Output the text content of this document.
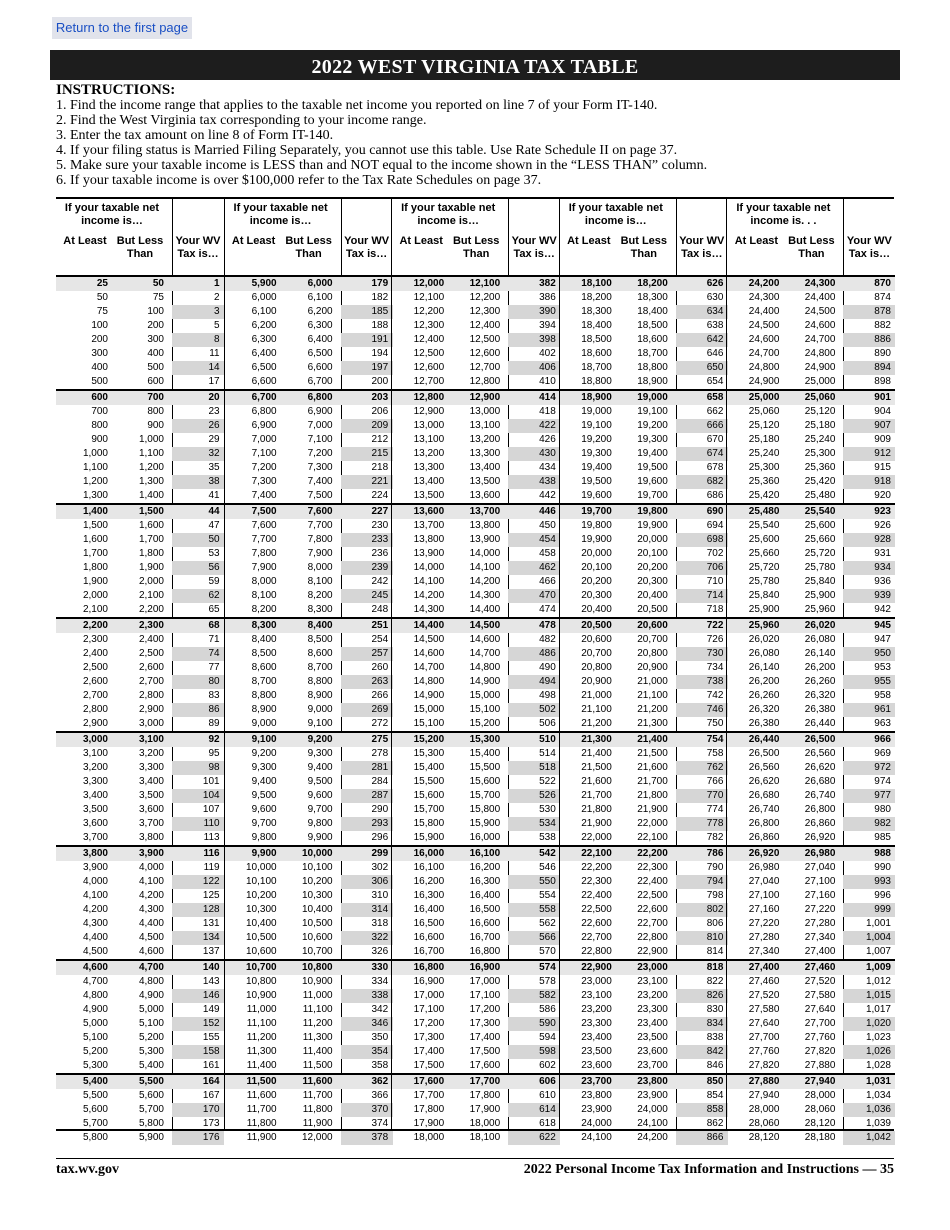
Return to the first page
2022 WEST VIRGINIA TAX TABLE
INSTRUCTIONS:
1. Find the income range that applies to the taxable net income you reported on line 7 of your Form IT-140.
2. Find the West Virginia tax corresponding to your income range.
3. Enter the tax amount on line 8 of Form IT-140.
4. If your filing status is Married Filing Separately, you cannot use this table. Use Rate Schedule II on page 37.
5. Make sure your taxable income is LESS than and NOT equal to the income shown in the “LESS THAN” column.
6. If your taxable income is over $100,000 refer to the Tax Rate Schedules on page 37.
If your taxable net income is…
At Least But Less Than
Your WV Tax is…
25	50	1
50	75	2
75	100	3
100	200	5
200	300	8
300	400	11
400	500	14
500	600	17
600	700	20
700	800	23
800	900	26
900	1,000	29
1,000	1,100	32
1,100	1,200	35
1,200	1,300	38
1,300	1,400	41
1,400	1,500	44
1,500	1,600	47
1,600	1,700	50
1,700	1,800	53
1,800	1,900	56
1,900	2,000	59
2,000	2,100	62
2,100	2,200	65
2,200	2,300	68
2,300	2,400	71
2,400	2,500	74
2,500	2,600	77
2,600	2,700	80
2,700	2,800	83
2,800	2,900	86
2,900	3,000	89
3,000	3,100	92
3,100	3,200	95
3,200	3,300	98
3,300	3,400	101
3,400	3,500	104
3,500	3,600	107
3,600	3,700	110
3,700	3,800	113
3,800	3,900	116
3,900	4,000	119
4,000	4,100	122
4,100	4,200	125
4,200	4,300	128
4,300	4,400	131
4,400	4,500	134
4,500	4,600	137
4,600	4,700	140
4,700	4,800	143
4,800	4,900	146
4,900	5,000	149
5,000	5,100	152
5,100	5,200	155
5,200	5,300	158
5,300	5,400	161
5,400	5,500	164
5,500	5,600	167
5,600	5,700	170
5,700	5,800	173
5,800	5,900	176
If your taxable net income is…
At Least But Less Than
Your WV Tax is…
5,900	6,000	179
6,000	6,100	182
6,100	6,200	185
6,200	6,300	188
6,300	6,400	191
6,400	6,500	194
6,500	6,600	197
6,600	6,700	200
6,700	6,800	203
6,800	6,900	206
6,900	7,000	209
7,000	7,100	212
7,100	7,200	215
7,200	7,300	218
7,300	7,400	221
7,400	7,500	224
7,500	7,600	227
7,600	7,700	230
7,700	7,800	233
7,800	7,900	236
7,900	8,000	239
8,000	8,100	242
8,100	8,200	245
8,200	8,300	248
8,300	8,400	251
8,400	8,500	254
8,500	8,600	257
8,600	8,700	260
8,700	8,800	263
8,800	8,900	266
8,900	9,000	269
9,000	9,100	272
9,100	9,200	275
9,200	9,300	278
9,300	9,400	281
9,400	9,500	284
9,500	9,600	287
9,600	9,700	290
9,700	9,800	293
9,800	9,900	296
9,900	10,000	299
10,000	10,100	302
10,100	10,200	306
10,200	10,300	310
10,300	10,400	314
10,400	10,500	318
10,500	10,600	322
10,600	10,700	326
10,700	10,800	330
10,800	10,900	334
10,900	11,000	338
11,000	11,100	342
11,100	11,200	346
11,200	11,300	350
11,300	11,400	354
11,400	11,500	358
11,500	11,600	362
11,600	11,700	366
11,700	11,800	370
11,800	11,900	374
11,900	12,000	378
If your taxable net income is…
At Least But Less Than
Your WV Tax is…
12,000	12,100	382
12,100	12,200	386
12,200	12,300	390
12,300	12,400	394
12,400	12,500	398
12,500	12,600	402
12,600	12,700	406
12,700	12,800	410
12,800	12,900	414
12,900	13,000	418
13,000	13,100	422
13,100	13,200	426
13,200	13,300	430
13,300	13,400	434
13,400	13,500	438
13,500	13,600	442
13,600	13,700	446
13,700	13,800	450
13,800	13,900	454
13,900	14,000	458
14,000	14,100	462
14,100	14,200	466
14,200	14,300	470
14,300	14,400	474
14,400	14,500	478
14,500	14,600	482
14,600	14,700	486
14,700	14,800	490
14,800	14,900	494
14,900	15,000	498
15,000	15,100	502
15,100	15,200	506
15,200	15,300	510
15,300	15,400	514
15,400	15,500	518
15,500	15,600	522
15,600	15,700	526
15,700	15,800	530
15,800	15,900	534
15,900	16,000	538
16,000	16,100	542
16,100	16,200	546
16,200	16,300	550
16,300	16,400	554
16,400	16,500	558
16,500	16,600	562
16,600	16,700	566
16,700	16,800	570
16,800	16,900	574
16,900	17,000	578
17,000	17,100	582
17,100	17,200	586
17,200	17,300	590
17,300	17,400	594
17,400	17,500	598
17,500	17,600	602
17,600	17,700	606
17,700	17,800	610
17,800	17,900	614
17,900	18,000	618
18,000	18,100	622
If your taxable net income is…
At Least But Less Than
Your WV Tax is…
18,100	18,200	626
18,200	18,300	630
18,300	18,400	634
18,400	18,500	638
18,500	18,600	642
18,600	18,700	646
18,700	18,800	650
18,800	18,900	654
18,900	19,000	658
19,000	19,100	662
19,100	19,200	666
19,200	19,300	670
19,300	19,400	674
19,400	19,500	678
19,500	19,600	682
19,600	19,700	686
19,700	19,800	690
19,800	19,900	694
19,900	20,000	698
20,000	20,100	702
20,100	20,200	706
20,200	20,300	710
20,300	20,400	714
20,400	20,500	718
20,500	20,600	722
20,600	20,700	726
20,700	20,800	730
20,800	20,900	734
20,900	21,000	738
21,000	21,100	742
21,100	21,200	746
21,200	21,300	750
21,300	21,400	754
21,400	21,500	758
21,500	21,600	762
21,600	21,700	766
21,700	21,800	770
21,800	21,900	774
21,900	22,000	778
22,000	22,100	782
22,100	22,200	786
22,200	22,300	790
22,300	22,400	794
22,400	22,500	798
22,500	22,600	802
22,600	22,700	806
22,700	22,800	810
22,800	22,900	814
22,900	23,000	818
23,000	23,100	822
23,100	23,200	826
23,200	23,300	830
23,300	23,400	834
23,400	23,500	838
23,500	23,600	842
23,600	23,700	846
23,700	23,800	850
23,800	23,900	854
23,900	24,000	858
24,000	24,100	862
24,100	24,200	866
If your taxable net income is. . .
At Least But Less Than
Your WV Tax is…
24,200	24,300	870
24,300	24,400	874
24,400	24,500	878
24,500	24,600	882
24,600	24,700	886
24,700	24,800	890
24,800	24,900	894
24,900	25,000	898
25,000	25,060	901
25,060	25,120	904
25,120	25,180	907
25,180	25,240	909
25,240	25,300	912
25,300	25,360	915
25,360	25,420	918
25,420	25,480	920
25,480	25,540	923
25,540	25,600	926
25,600	25,660	928
25,660	25,720	931
25,720	25,780	934
25,780	25,840	936
25,840	25,900	939
25,900	25,960	942
25,960	26,020	945
26,020	26,080	947
26,080	26,140	950
26,140	26,200	953
26,200	26,260	955
26,260	26,320	958
26,320	26,380	961
26,380	26,440	963
26,440	26,500	966
26,500	26,560	969
26,560	26,620	972
26,620	26,680	974
26,680	26,740	977
26,740	26,800	980
26,800	26,860	982
26,860	26,920	985
26,920	26,980	988
26,980	27,040	990
27,040	27,100	993
27,100	27,160	996
27,160	27,220	999
27,220	27,280	1,001
27,280	27,340	1,004
27,340	27,400	1,007
27,400	27,460	1,009
27,460	27,520	1,012
27,520	27,580	1,015
27,580	27,640	1,017
27,640	27,700	1,020
27,700	27,760	1,023
27,760	27,820	1,026
27,820	27,880	1,028
27,880	27,940	1,031
27,940	28,000	1,034
28,000	28,060	1,036
28,060	28,120	1,039
28,120	28,180	1,042
tax.wv.gov	2022 Personal Income Tax Information and Instructions — 35
